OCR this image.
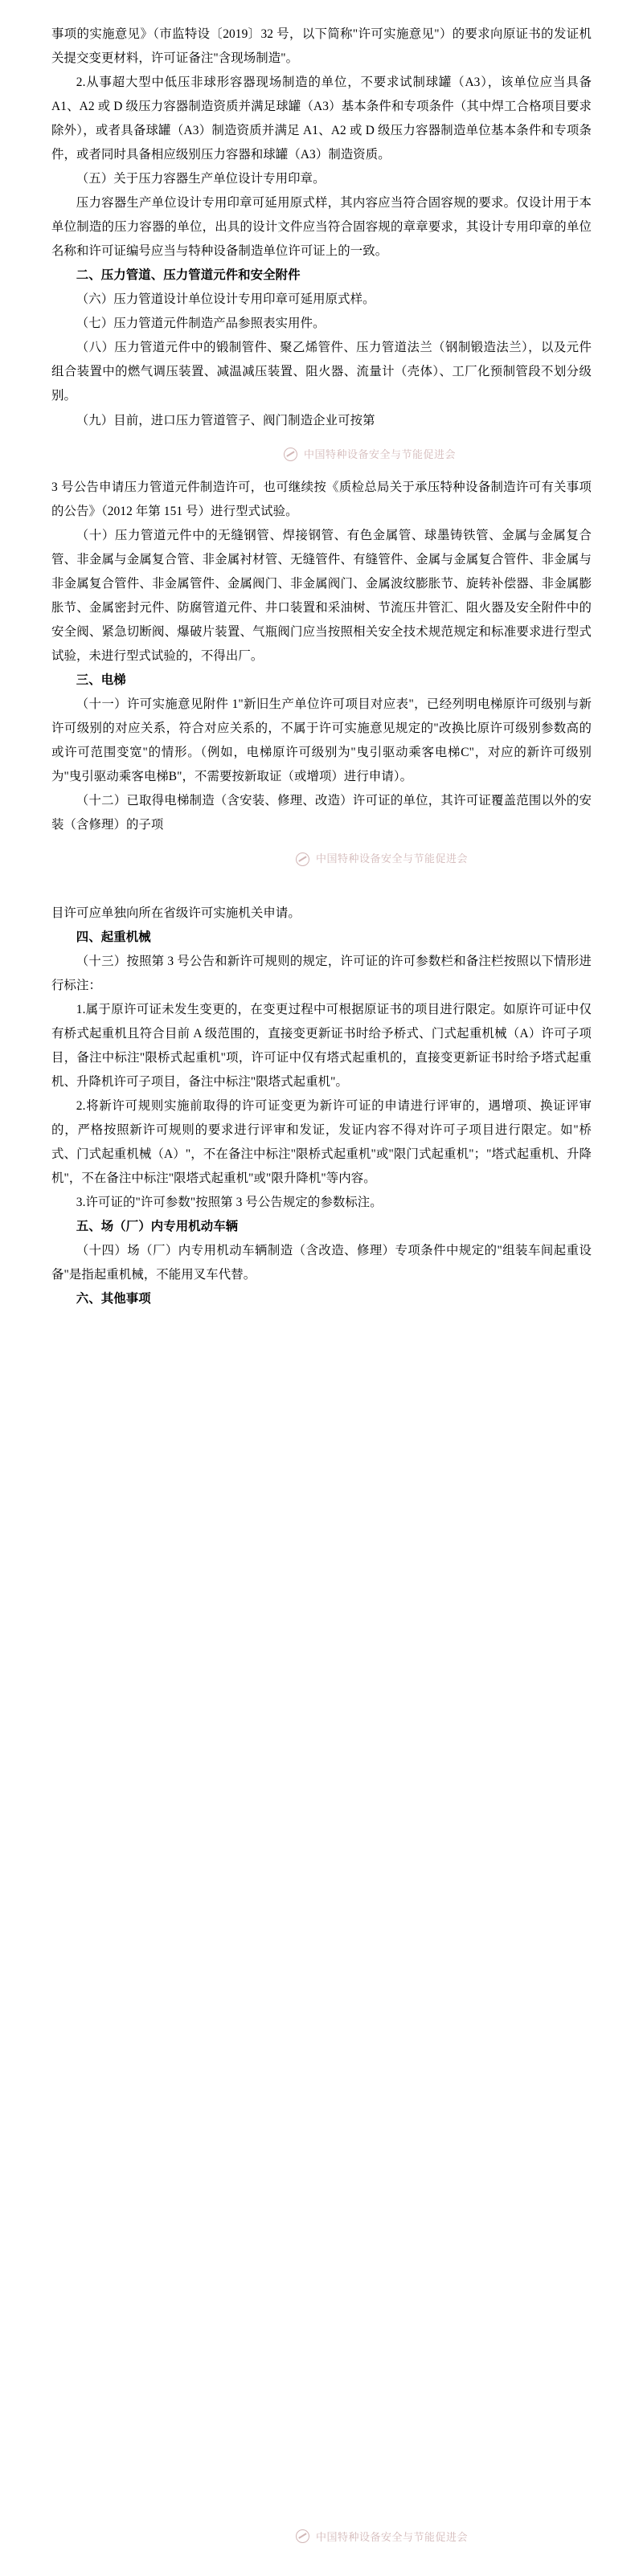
事项的实施意见》（市监特设〔2019〕32 号，以下简称"许可实施意见"）的要求向原证书的发证机关提交变更材料，许可证备注"含现场制造"。

2.从事超大型中低压非球形容器现场制造的单位，不要求试制球罐（A3），该单位应当具备 A1、A2 或 D 级压力容器制造资质并满足球罐（A3）基本条件和专项条件（其中焊工合格项目要求除外），或者具备球罐（A3）制造资质并满足 A1、A2 或 D 级压力容器制造单位基本条件和专项条件，或者同时具备相应级别压力容器和球罐（A3）制造资质。

（五）关于压力容器生产单位设计专用印章。

压力容器生产单位设计专用印章可延用原式样，其内容应当符合固容规的要求。仅设计用于本单位制造的压力容器的单位，出具的设计文件应当符合固容规的章章要求，其设计专用印章的单位名称和许可证编号应当与特种设备制造单位许可证上的一致。

二、压力管道、压力管道元件和安全附件

（六）压力管道设计单位设计专用印章可延用原式样。

（七）压力管道元件制造产品参照表实用件。

（八）压力管道元件中的锻制管件、聚乙烯管件、压力管道法兰（钢制锻造法兰），以及元件组合装置中的燃气调压装置、减温减压装置、阻火器、流量计（壳体）、工厂化预制管段不划分级别。

（九）目前，进口压力管道管子、阀门制造企业可按第

中国特种设备安全与节能促进会

3 号公告申请压力管道元件制造许可，也可继续按《质检总局关于承压特种设备制造许可有关事项的公告》（2012 年第 151 号）进行型式试验。

（十）压力管道元件中的无缝钢管、焊接钢管、有色金属管、球墨铸铁管、金属与金属复合管、非金属与金属复合管、非金属衬材管、无缝管件、有缝管件、金属与金属复合管件、非金属与非金属复合管件、非金属管件、金属阀门、非金属阀门、金属波纹膨胀节、旋转补偿器、非金属膨胀节、金属密封元件、防腐管道元件、井口装置和采油树、节流压井管汇、阻火器及安全附件中的安全阀、紧急切断阀、爆破片装置、气瓶阀门应当按照相关安全技术规范规定和标准要求进行型式试验，未进行型式试验的，不得出厂。

三、电梯

（十一）许可实施意见附件 1"新旧生产单位许可项目对应表"，已经列明电梯原许可级别与新许可级别的对应关系，符合对应关系的，不属于许可实施意见规定的"改换比原许可级别参数高的或许可范围变宽"的情形。（例如，电梯原许可级别为"曳引驱动乘客电梯C"，对应的新许可级别为"曳引驱动乘客电梯B"，不需要按新取证（或增项）进行申请）。

（十二）已取得电梯制造（含安装、修理、改造）许可证的单位，其许可证覆盖范围以外的安装（含修理）的子项

中国特种设备安全与节能促进会

目许可应单独向所在省级许可实施机关申请。

四、起重机械

（十三）按照第 3 号公告和新许可规则的规定，许可证的许可参数栏和备注栏按照以下情形进行标注：

1.属于原许可证未发生变更的，在变更过程中可根据原证书的项目进行限定。如原许可证中仅有桥式起重机且符合目前 A 级范围的，直接变更新证书时给予桥式、门式起重机械（A）许可子项目，备注中标注"限桥式起重机"项，许可证中仅有塔式起重机的，直接变更新证书时给予塔式起重机、升降机许可子项目，备注中标注"限塔式起重机"。

2.将新许可规则实施前取得的许可证变更为新许可证的申请进行评审的，遇增项、换证评审的，严格按照新许可规则的要求进行评审和发证，发证内容不得对许可子项目进行限定。如"桥式、门式起重机械（A）"，不在备注中标注"限桥式起重机"或"限门式起重机"；"塔式起重机、升降机"，不在备注中标注"限塔式起重机"或"限升降机"等内容。

3.许可证的"许可参数"按照第 3 号公告规定的参数标注。

五、场（厂）内专用机动车辆

（十四）场（厂）内专用机动车辆制造（含改造、修理）专项条件中规定的"组装车间起重设备"是指起重机械，不能用叉车代替。

六、其他事项
中国特种设备安全与节能促进会
